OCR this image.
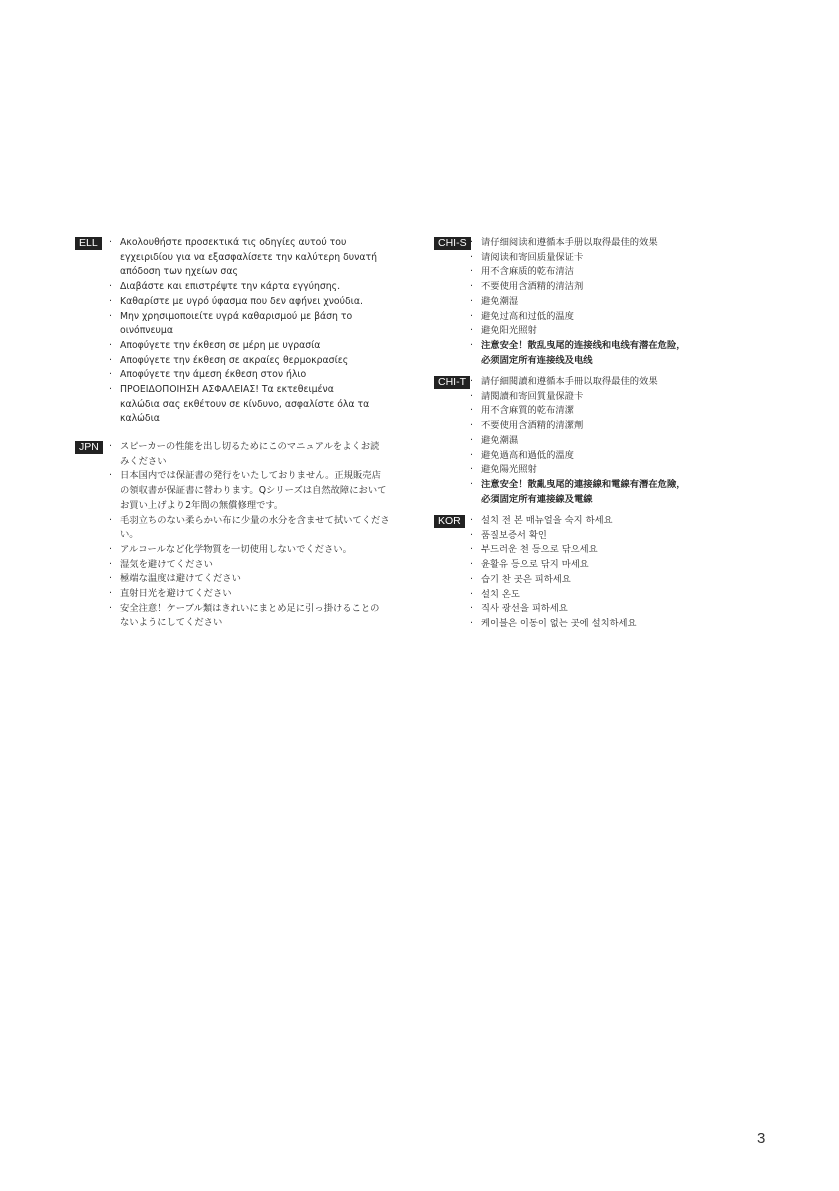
ELL	· Ακολουθήστε προσεκτικά τις οδηγίες αυτού του
εγχειριδίου για να εξασφαλίσετε την καλύτερη δυνατή
απόδοση των ηχείων σας
· Διαβάστε και επιστρέψτε την κάρτα εγγύησης.
· Καθαρίστε με υγρό ύφασμα που δεν αφήνει χνούδια.
· Μην χρησιμοποιείτε υγρά καθαρισμού με βάση το
οινόπνευμα
· Αποφύγετε την έκθεση σε μέρη με υγρασία
· Αποφύγετε την έκθεση σε ακραίες θερμοκρασίες
· Αποφύγετε την άμεση έκθεση στον ήλιο
· ΠΡΟΕΙΔΟΠΟΙΗΣΗ ΑΣΦΑΛΕΙΑΣ! Τα εκτεθειμένα
καλώδια σας εκθέτουν σε κίνδυνο, ασφαλίστε όλα τα
καλώδια
JPN	· スピーカーの性能を出し切るためにこのマニュアルをよくお読
みください
· 日本国内では保証書の発行をいたしておりません。正規販売店
の領収書が保証書に替わります。Qシリーズは自然故障において
お買い上げより2年間の無償修理です。
· 毛羽立ちのない柔らかい布に少量の水分を含ませて拭いてくださ
い。
· アルコールなど化学物質を一切使用しないでください。
· 湿気を避けてください
· 極端な温度は避けてください
· 直射日光を避けてください
· 安全注意！ケーブル類はきれいにまとめ足に引っ掛けることの
ないようにしてください
CHI-S · 请仔细阅读和遵循本手册以取得最佳的效果
· 请阅读和寄回质量保证卡
· 用不含麻质的乾布清洁
· 不要使用含酒精的清洁剂
· 避免潮湿
· 避免过高和过低的温度
· 避免阳光照射
· 注意安全！散乱曳尾的连接线和电线有潜在危险，
必须固定所有连接线及电线
CHI-T · 請仔細閱讀和遵循本手冊以取得最佳的效果
· 請閱讀和寄回質量保證卡
· 用不含麻質的乾布清潔
· 不要使用含酒精的清潔劑
· 避免潮濕
· 避免過高和過低的溫度
· 避免陽光照射
· 注意安全！散亂曳尾的連接線和電線有潛在危險，
必須固定所有連接線及電線
KOR · 설치 전 본 매뉴얼을 숙지 하세요
· 품질보증서 확인
· 부드러운 천 등으로 닦으세요
· 윤활유 등으로 닦지 마세요
· 습기 찬 곳은 피하세요
· 설치 온도
· 직사 광선을 피하세요
· 케이블은 이동이 없는 곳에 설치하세요
3
